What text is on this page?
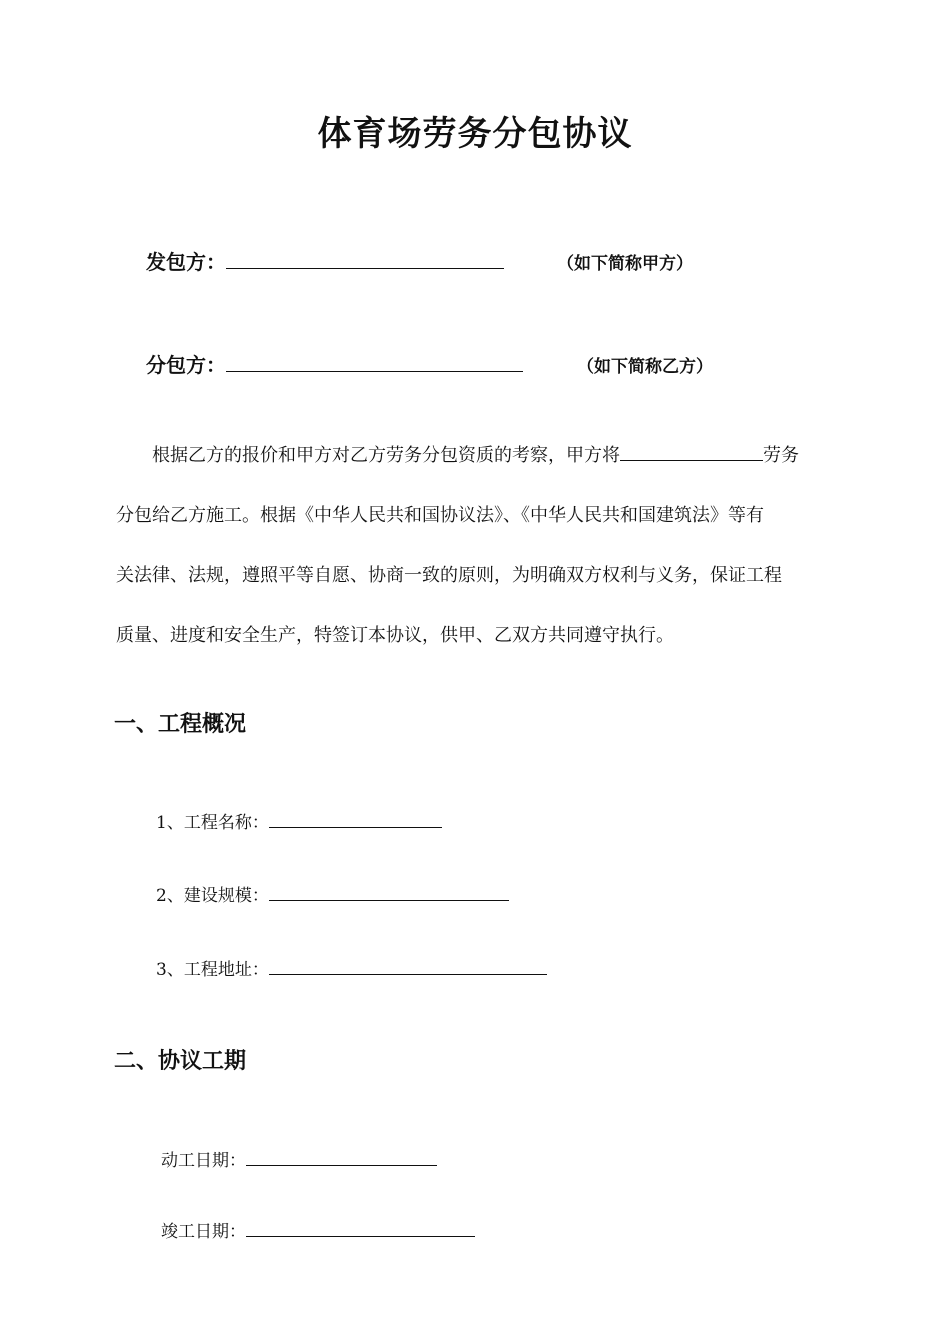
体育场劳务分包协议
发包方：	（如下简称甲方）
分包方：	（如下简称乙方）
根据乙方的报价和甲方对乙方劳务分包资质的考察，甲方将	劳务
分包给乙方施工。根据《中华人民共和国协议法》、《中华人民共和国建筑法》等有
关法律、法规，遵照平等自愿、协商一致的原则，为明确双方权利与义务，保证工程
质量、进度和安全生产，特签订本协议，供甲、乙双方共同遵守执行。
一、工程概况
1、工程名称：
2、建设规模：
3、工程地址：
二、协议工期
动工日期：
竣工日期：
